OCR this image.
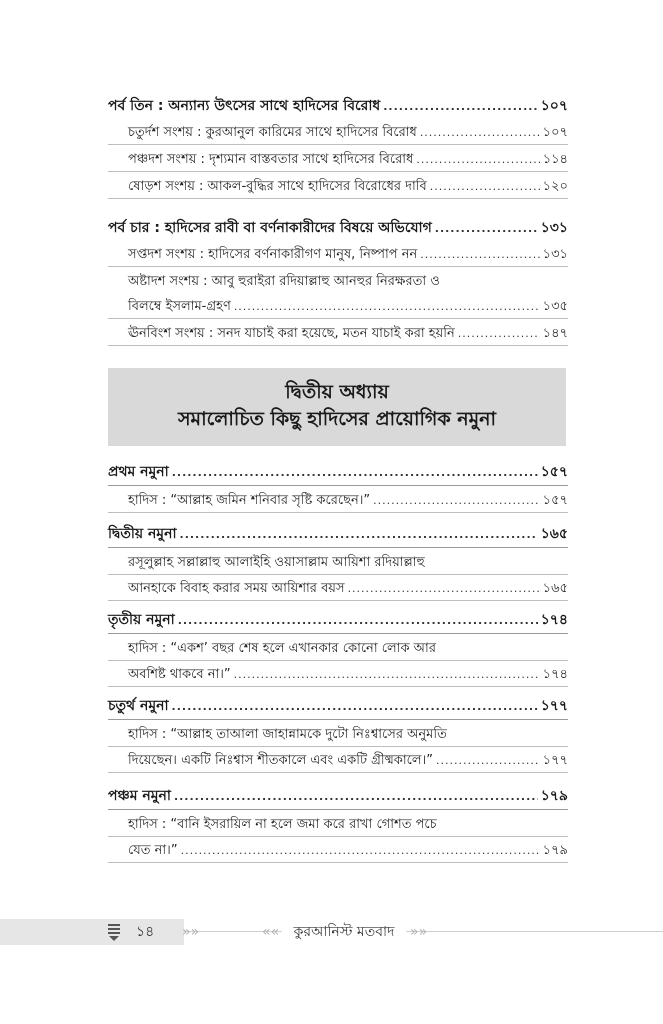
পর্ব তিন : অন্যান্য উৎসের সাথে হাদিসের বিরোধ .....	১০৭
চতুর্দশ সংশয় : কুরআনুল কারিমের সাথে হাদিসের বিরোধ .....	১০৭
পঞ্চদশ সংশয় : দৃশ্যমান বাস্তবতার সাথে হাদিসের বিরোধ .....	১১৪
ষোড়শ সংশয় : আকল-বুদ্ধির সাথে হাদিসের বিরোধের দাবি .....	১২০
পর্ব চার : হাদিসের রাবী বা বর্ণনাকারীদের বিষয়ে অভিযোগ .....	১৩১
সপ্তদশ সংশয় : হাদিসের বর্ণনাকারীগণ মানুষ, নিষ্পাপ নন .....	১৩১
অষ্টাদশ সংশয় : আবু হুরাইরা রদিয়াল্লাহু আনহুর নিরক্ষরতা ও
বিলম্বে ইসলাম-গ্রহণ .....	১৩৫
ঊনবিংশ সংশয় : সনদ যাচাই করা হয়েছে, মতন যাচাই করা হয়নি .....	১৪৭
দ্বিতীয় অধ্যায়
সমালোচিত কিছু হাদিসের প্রায়োগিক নমুনা
প্রথম নমুনা .....	১৫৭
হাদিস : “আল্লাহ জমিন শনিবার সৃষ্টি করেছেন।” .....	১৫৭
দ্বিতীয় নমুনা .....	১৬৫
রসূলুল্লাহ সল্লাল্লাহু আলাইহি ওয়াসাল্লাম আয়িশা রদিয়াল্লাহু
আনহাকে বিবাহ করার সময় আয়িশার বয়স .....	১৬৫
তৃতীয় নমুনা .....	১৭৪
হাদিস : “একশ’ বছর শেষ হলে এখানকার কোনো লোক আর
অবশিষ্ট থাকবে না।” .....	১৭৪
চতুর্থ নমুনা .....	১৭৭
হাদিস : “আল্লাহ তাআলা জাহান্নামকে দুটো নিঃশ্বাসের অনুমতি
দিয়েছেন। একটি নিঃশ্বাস শীতকালে এবং একটি গ্রীষ্মকালে।” .....	১৭৭
পঞ্চম নমুনা .....	১৭৯
হাদিস : “বানি ইসরায়িল না হলে জমা করে রাখা গোশত পচে
যেত না।” .....	১৭৯
১৪ »»	««	কুরআনিস্ট মতবাদ	»»
